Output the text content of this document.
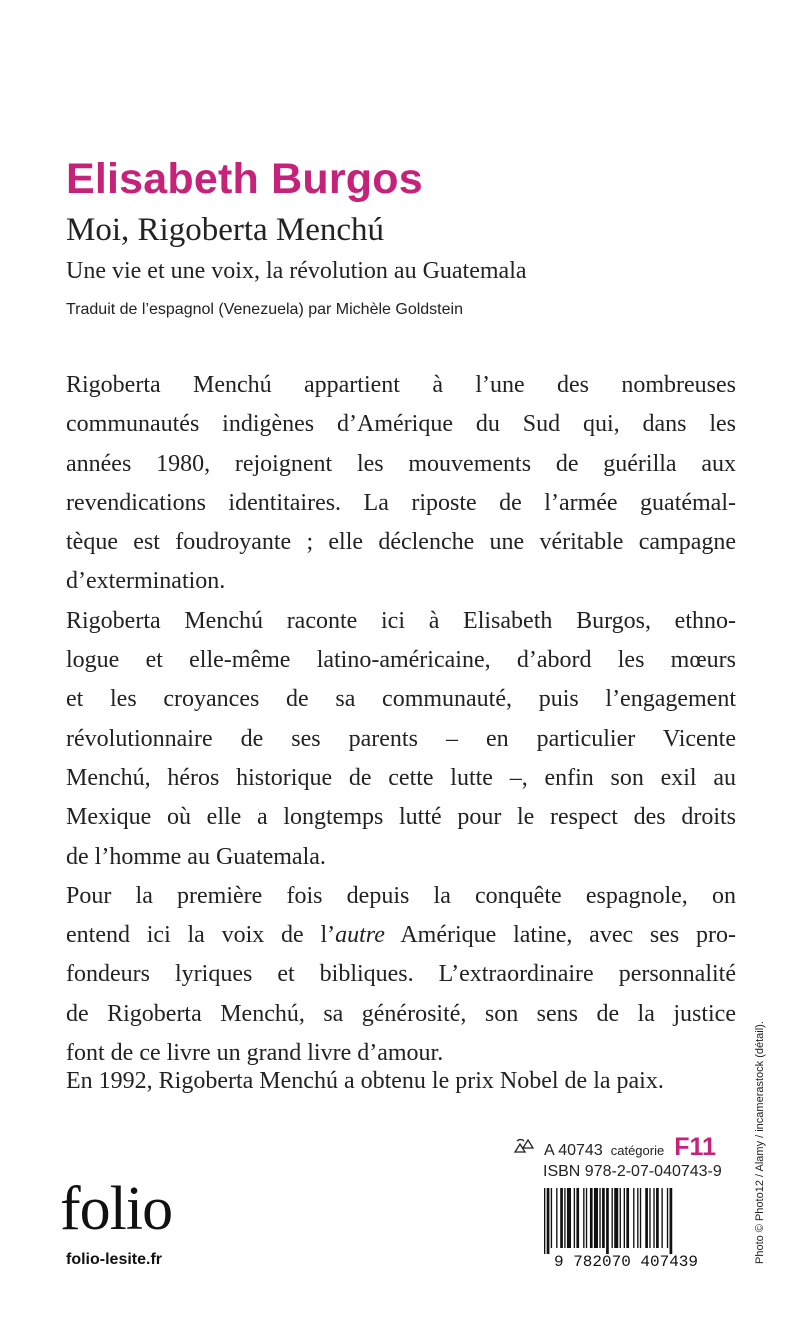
Elisabeth Burgos
Moi, Rigoberta Menchú
Une vie et une voix, la révolution au Guatemala
Traduit de l’espagnol (Venezuela) par Michèle Goldstein

Rigoberta Menchú appartient à l’une des nombreuses
communautés indigènes d’Amérique du Sud qui, dans les
années 1980, rejoignent les mouvements de guérilla aux
revendications identitaires. La riposte de l’armée guatémal-
tèque est foudroyante ; elle déclenche une véritable campagne
d’extermination.

Rigoberta Menchú raconte ici à Elisabeth Burgos, ethno-
logue et elle-même latino-américaine, d’abord les mœurs
et les croyances de sa communauté, puis l’engagement
révolutionnaire de ses parents – en particulier Vicente
Menchú, héros historique de cette lutte –, enfin son exil au
Mexique où elle a longtemps lutté pour le respect des droits
de l’homme au Guatemala.

Pour la première fois depuis la conquête espagnole, on
entend ici la voix de l’autre Amérique latine, avec ses pro-
fondeurs lyriques et bibliques. L’extraordinaire personnalité
de Rigoberta Menchú, sa générosité, son sens de la justice
font de ce livre un grand livre d’amour.

En 1992, Rigoberta Menchú a obtenu le prix Nobel de la paix.
folio
folio-lesite.fr
A 40743 catégorie F11
ISBN 978-2-07-040743-9
9 782070 407439	Photo © Photo12 / Alamy / incamerastock (détail).
